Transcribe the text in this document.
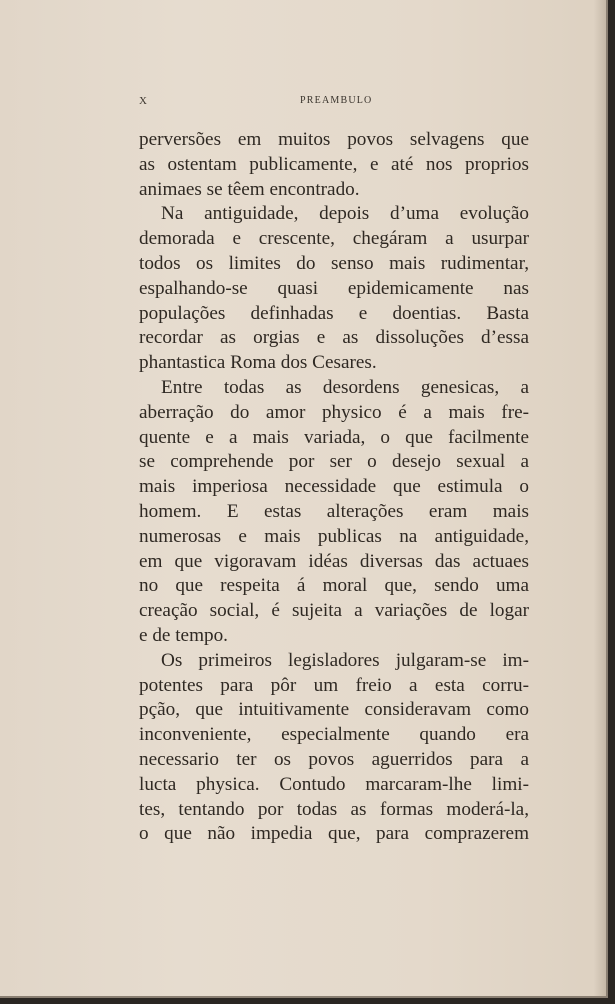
X	PREAMBULO
perversões em muitos povos selvagens que
as ostentam publicamente, e até nos proprios
animaes se têem encontrado.
Na antiguidade, depois d’uma evolução
demorada e crescente, chegáram a usurpar
todos os limites do senso mais rudimentar,
espalhando-se quasi epidemicamente nas
populações definhadas e doentias. Basta
recordar as orgias e as dissoluções d’essa
phantastica Roma dos Cesares.
Entre todas as desordens genesicas, a
aberração do amor physico é a mais fre-
quente e a mais variada, o que facilmente
se comprehende por ser o desejo sexual a
mais imperiosa necessidade que estimula o
homem. E estas alterações eram mais
numerosas e mais publicas na antiguidade,
em que vigoravam idéas diversas das actuaes
no que respeita á moral que, sendo uma
creação social, é sujeita a variações de logar
e de tempo.
Os primeiros legisladores julgaram-se im-
potentes para pôr um freio a esta corru-
pção, que intuitivamente consideravam como
inconveniente, especialmente quando era
necessario ter os povos aguerridos para a
lucta physica. Contudo marcaram-lhe limi-
tes, tentando por todas as formas moderá-la,
o que não impedia que, para comprazerem
